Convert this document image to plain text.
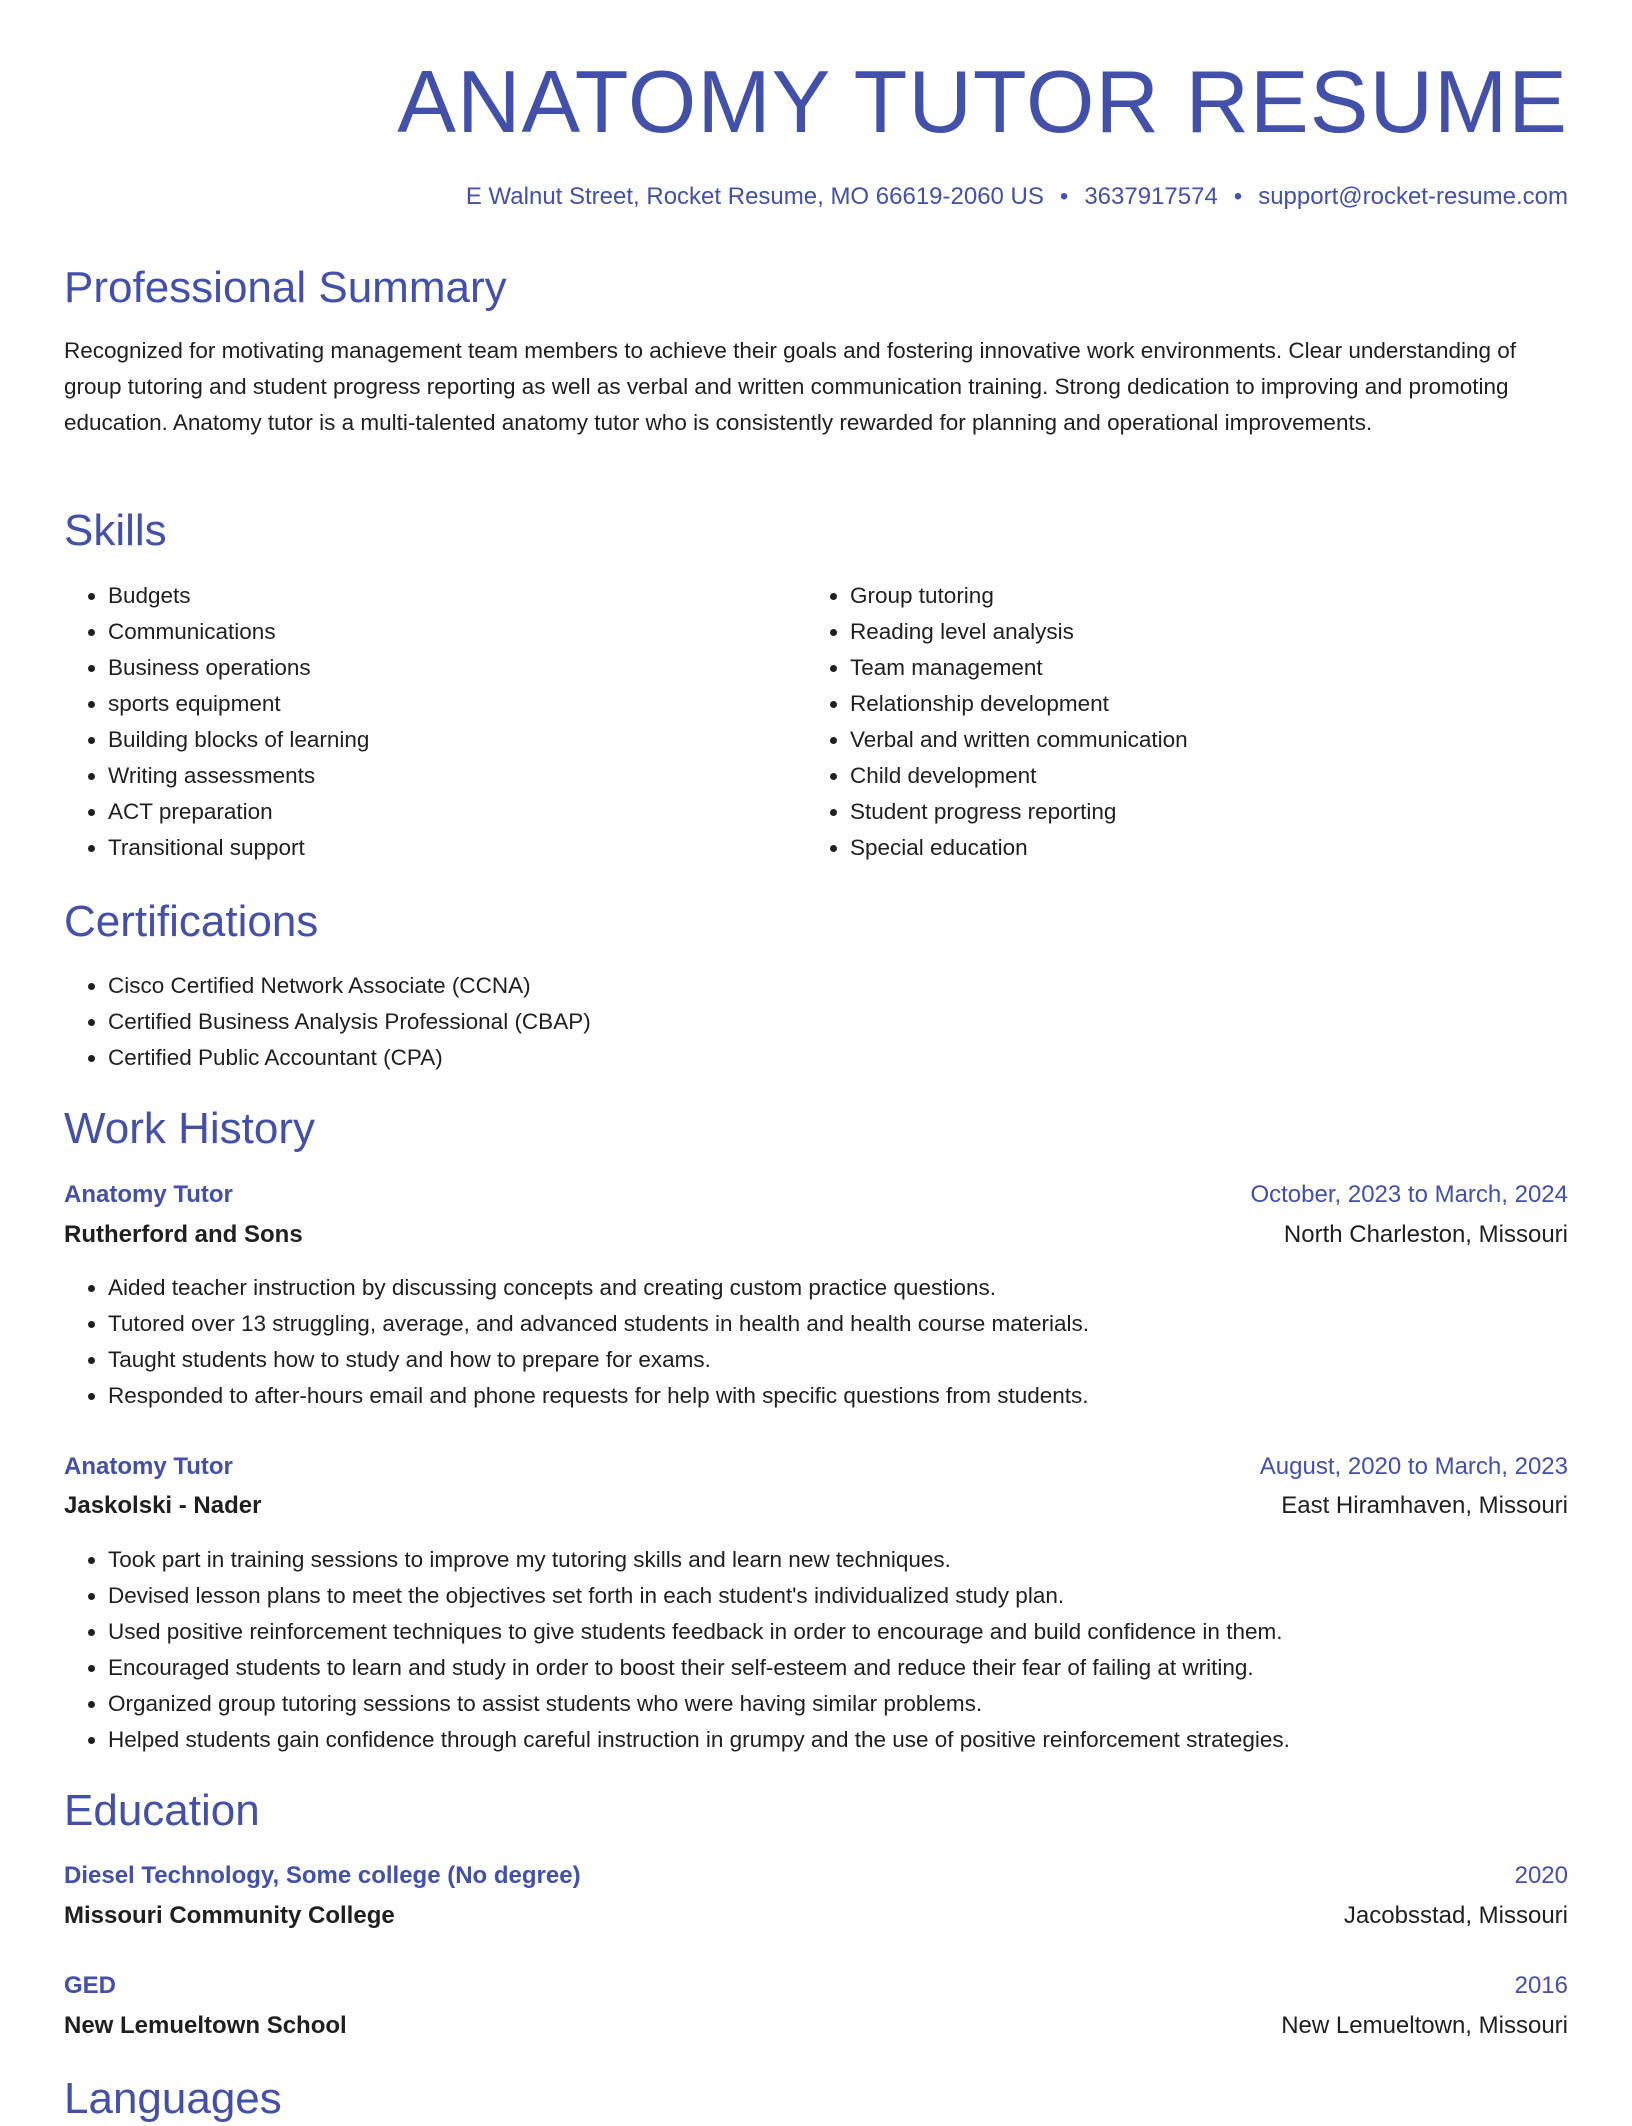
ANATOMY TUTOR RESUME
E Walnut Street, Rocket Resume, MO 66619-2060 US • 3637917574 • support@rocket-resume.com
Professional Summary

Recognized for motivating management team members to achieve their goals and fostering innovative work environments. Clear understanding of group tutoring and student progress reporting as well as verbal and written communication training. Strong dedication to improving and promoting education. Anatomy tutor is a multi-talented anatomy tutor who is consistently rewarded for planning and operational improvements.

Skills
• Budgets
• Communications
• Business operations
• sports equipment
• Building blocks of learning
• Writing assessments
• ACT preparation
• Transitional support
• Group tutoring
• Reading level analysis
• Team management
• Relationship development
• Verbal and written communication
• Child development
• Student progress reporting
• Special education
Certifications
• Cisco Certified Network Associate (CCNA)
• Certified Business Analysis Professional (CBAP)
• Certified Public Accountant (CPA)
Work History
Anatomy Tutor	October, 2023 to March, 2024
Rutherford and Sons	North Charleston, Missouri
• Aided teacher instruction by discussing concepts and creating custom practice questions.
• Tutored over 13 struggling, average, and advanced students in health and health course materials.
• Taught students how to study and how to prepare for exams.
• Responded to after-hours email and phone requests for help with specific questions from students.
Anatomy Tutor	August, 2020 to March, 2023
Jaskolski - Nader	East Hiramhaven, Missouri
• Took part in training sessions to improve my tutoring skills and learn new techniques.
• Devised lesson plans to meet the objectives set forth in each student's individualized study plan.
• Used positive reinforcement techniques to give students feedback in order to encourage and build confidence in them.
• Encouraged students to learn and study in order to boost their self-esteem and reduce their fear of failing at writing.
• Organized group tutoring sessions to assist students who were having similar problems.
• Helped students gain confidence through careful instruction in grumpy and the use of positive reinforcement strategies.
Education
Diesel Technology, Some college (No degree)	2020
Missouri Community College	Jacobsstad, Missouri
GED	2016
New Lemueltown School	New Lemueltown, Missouri
Languages
